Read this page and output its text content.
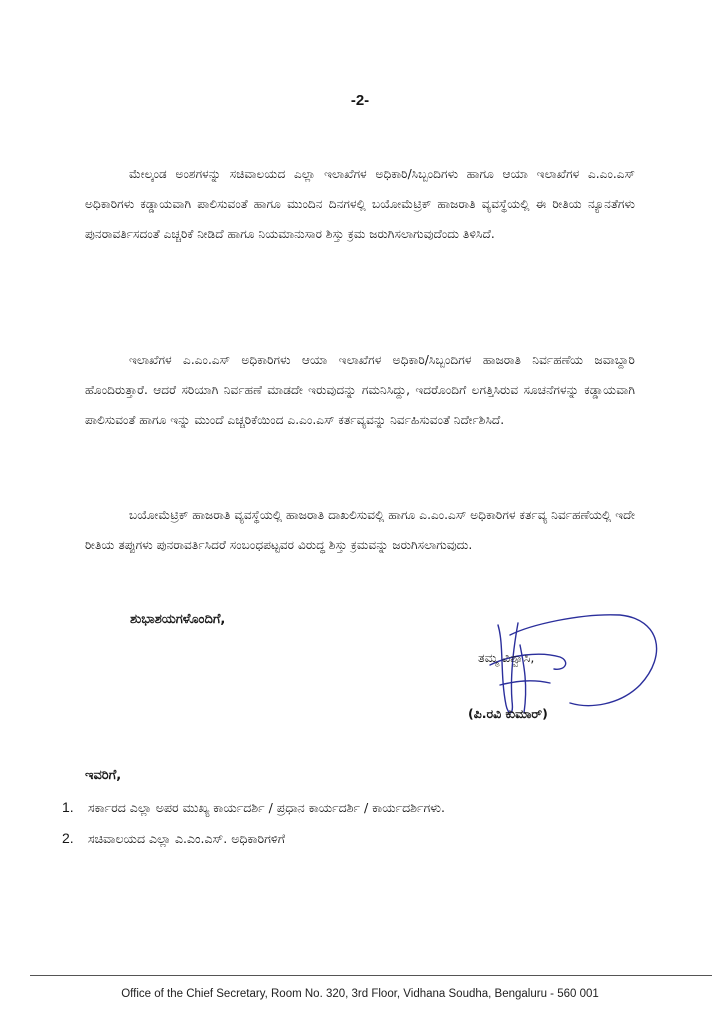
-2-

ಮೇಲ್ಕಂಡ ಅಂಶಗಳನ್ನು ಸಚಿವಾಲಯದ ಎಲ್ಲಾ ಇಲಾಖೆಗಳ ಅಧಿಕಾರಿ/ಸಿಬ್ಬಂದಿಗಳು ಹಾಗೂ ಆಯಾ ಇಲಾಖೆಗಳ ಎ.ಎಂ.ಎಸ್ ಅಧಿಕಾರಿಗಳು ಕಡ್ಡಾಯವಾಗಿ ಪಾಲಿಸುವಂತೆ ಹಾಗೂ ಮುಂದಿನ ದಿನಗಳಲ್ಲಿ ಬಯೋಮೆಟ್ರಿಕ್ ಹಾಜರಾತಿ ವ್ಯವಸ್ಥೆಯಲ್ಲಿ ಈ ರೀತಿಯ ನ್ಯೂನತೆಗಳು ಪುನರಾವರ್ತಿಸದಂತೆ ಎಚ್ಚರಿಕೆ ನೀಡಿದೆ ಹಾಗೂ ನಿಯಮಾನುಸಾರ ಶಿಸ್ತು ಕ್ರಮ ಜರುಗಿಸಲಾಗುವುದೆಂದು ತಿಳಿಸಿದೆ.

ಇಲಾಖೆಗಳ ಎ.ಎಂ.ಎಸ್ ಅಧಿಕಾರಿಗಳು ಆಯಾ ಇಲಾಖೆಗಳ ಅಧಿಕಾರಿ/ಸಿಬ್ಬಂದಿಗಳ ಹಾಜರಾತಿ ನಿರ್ವಹಣೆಯ ಜವಾಬ್ದಾರಿ ಹೊಂದಿರುತ್ತಾರೆ. ಆದರೆ ಸರಿಯಾಗಿ ನಿರ್ವಹಣೆ ಮಾಡದೇ ಇರುವುದನ್ನು ಗಮನಿಸಿದ್ದು, ಇದರೊಂದಿಗೆ ಲಗತ್ತಿಸಿರುವ ಸೂಚನೆಗಳನ್ನು ಕಡ್ಡಾಯವಾಗಿ ಪಾಲಿಸುವಂತೆ ಹಾಗೂ ಇನ್ನು ಮುಂದೆ ಎಚ್ಚರಿಕೆಯಿಂದ ಎ.ಎಂ.ಎಸ್ ಕರ್ತವ್ಯವನ್ನು ನಿರ್ವಹಿಸುವಂತೆ ನಿರ್ದೇಶಿಸಿದೆ.

ಬಯೋಮೆಟ್ರಿಕ್ ಹಾಜರಾತಿ ವ್ಯವಸ್ಥೆಯಲ್ಲಿ ಹಾಜರಾತಿ ದಾಖಲಿಸುವಲ್ಲಿ ಹಾಗೂ ಎ.ಎಂ.ಎಸ್ ಅಧಿಕಾರಿಗಳ ಕರ್ತವ್ಯ ನಿರ್ವಹಣೆಯಲ್ಲಿ ಇದೇ ರೀತಿಯ ತಪ್ಪುಗಳು ಪುನರಾವರ್ತಿಸಿದರೆ ಸಂಬಂಧಪಟ್ಟವರ ವಿರುದ್ಧ ಶಿಸ್ತು ಕ್ರಮವನ್ನು ಜರುಗಿಸಲಾಗುವುದು.

ಶುಭಾಶಯಗಳೊಂದಿಗೆ,
ತಮ್ಮ ವಿಶ್ವಾಸಿ,
(ಪಿ.ರವಿ ಕುಮಾರ್)
ಇವರಿಗೆ,
1. ಸರ್ಕಾರದ ಎಲ್ಲಾ ಅಪರ ಮುಖ್ಯ ಕಾರ್ಯದರ್ಶಿ / ಪ್ರಧಾನ ಕಾರ್ಯದರ್ಶಿ / ಕಾರ್ಯದರ್ಶಿಗಳು.
2. ಸಚಿವಾಲಯದ ಎಲ್ಲಾ ಎ.ಎಂ.ಎಸ್. ಅಧಿಕಾರಿಗಳಿಗೆ
Office of the Chief Secretary, Room No. 320, 3rd Floor, Vidhana Soudha, Bengaluru - 560 001
